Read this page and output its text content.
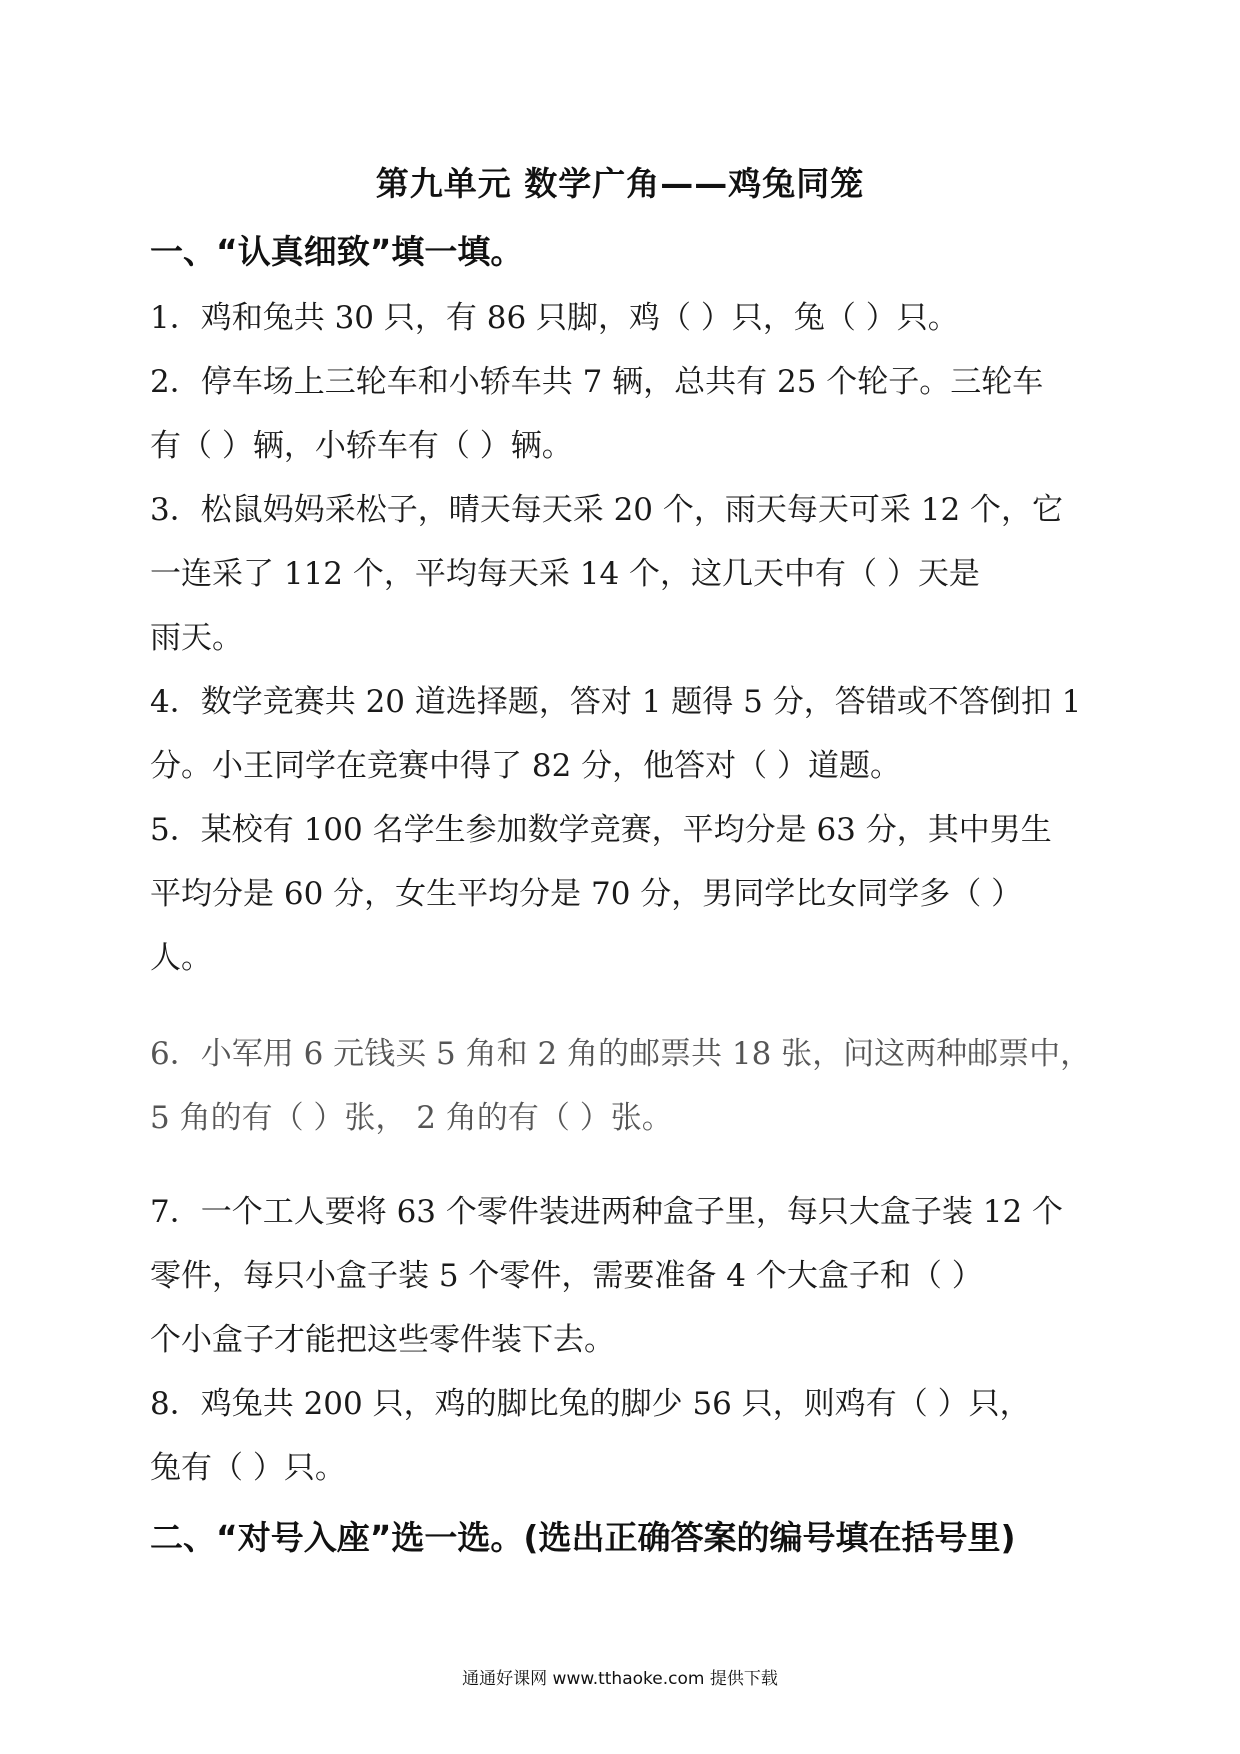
第九单元 数学广角——鸡兔同笼
一、“认真细致”填一填。
1．鸡和兔共 30 只，有 86 只脚，鸡（ ）只，兔（ ）只。
2．停车场上三轮车和小轿车共 7 辆，总共有 25 个轮子。三轮车
有（ ）辆，小轿车有（ ）辆。
3．松鼠妈妈采松子，晴天每天采 20 个，雨天每天可采 12 个，它
一连采了 112 个，平均每天采 14 个，这几天中有（ ）天是
雨天。
4．数学竞赛共 20 道选择题，答对 1 题得 5 分，答错或不答倒扣 1
分。小王同学在竞赛中得了 82 分，他答对（ ）道题。
5．某校有 100 名学生参加数学竞赛，平均分是 63 分，其中男生
平均分是 60 分，女生平均分是 70 分，男同学比女同学多（ ）
人。
6．小军用 6 元钱买 5 角和 2 角的邮票共 18 张，问这两种邮票中，
5 角的有（ ）张， 2 角的有（ ）张。
7．一个工人要将 63 个零件装进两种盒子里，每只大盒子装 12 个
零件，每只小盒子装 5 个零件，需要准备 4 个大盒子和（ ）
个小盒子才能把这些零件装下去。
8．鸡兔共 200 只，鸡的脚比兔的脚少 56 只，则鸡有（ ）只，
兔有（ ）只。
二、“对号入座”选一选。(选出正确答案的编号填在括号里)
通通好课网 www.tthaoke.com 提供下载
